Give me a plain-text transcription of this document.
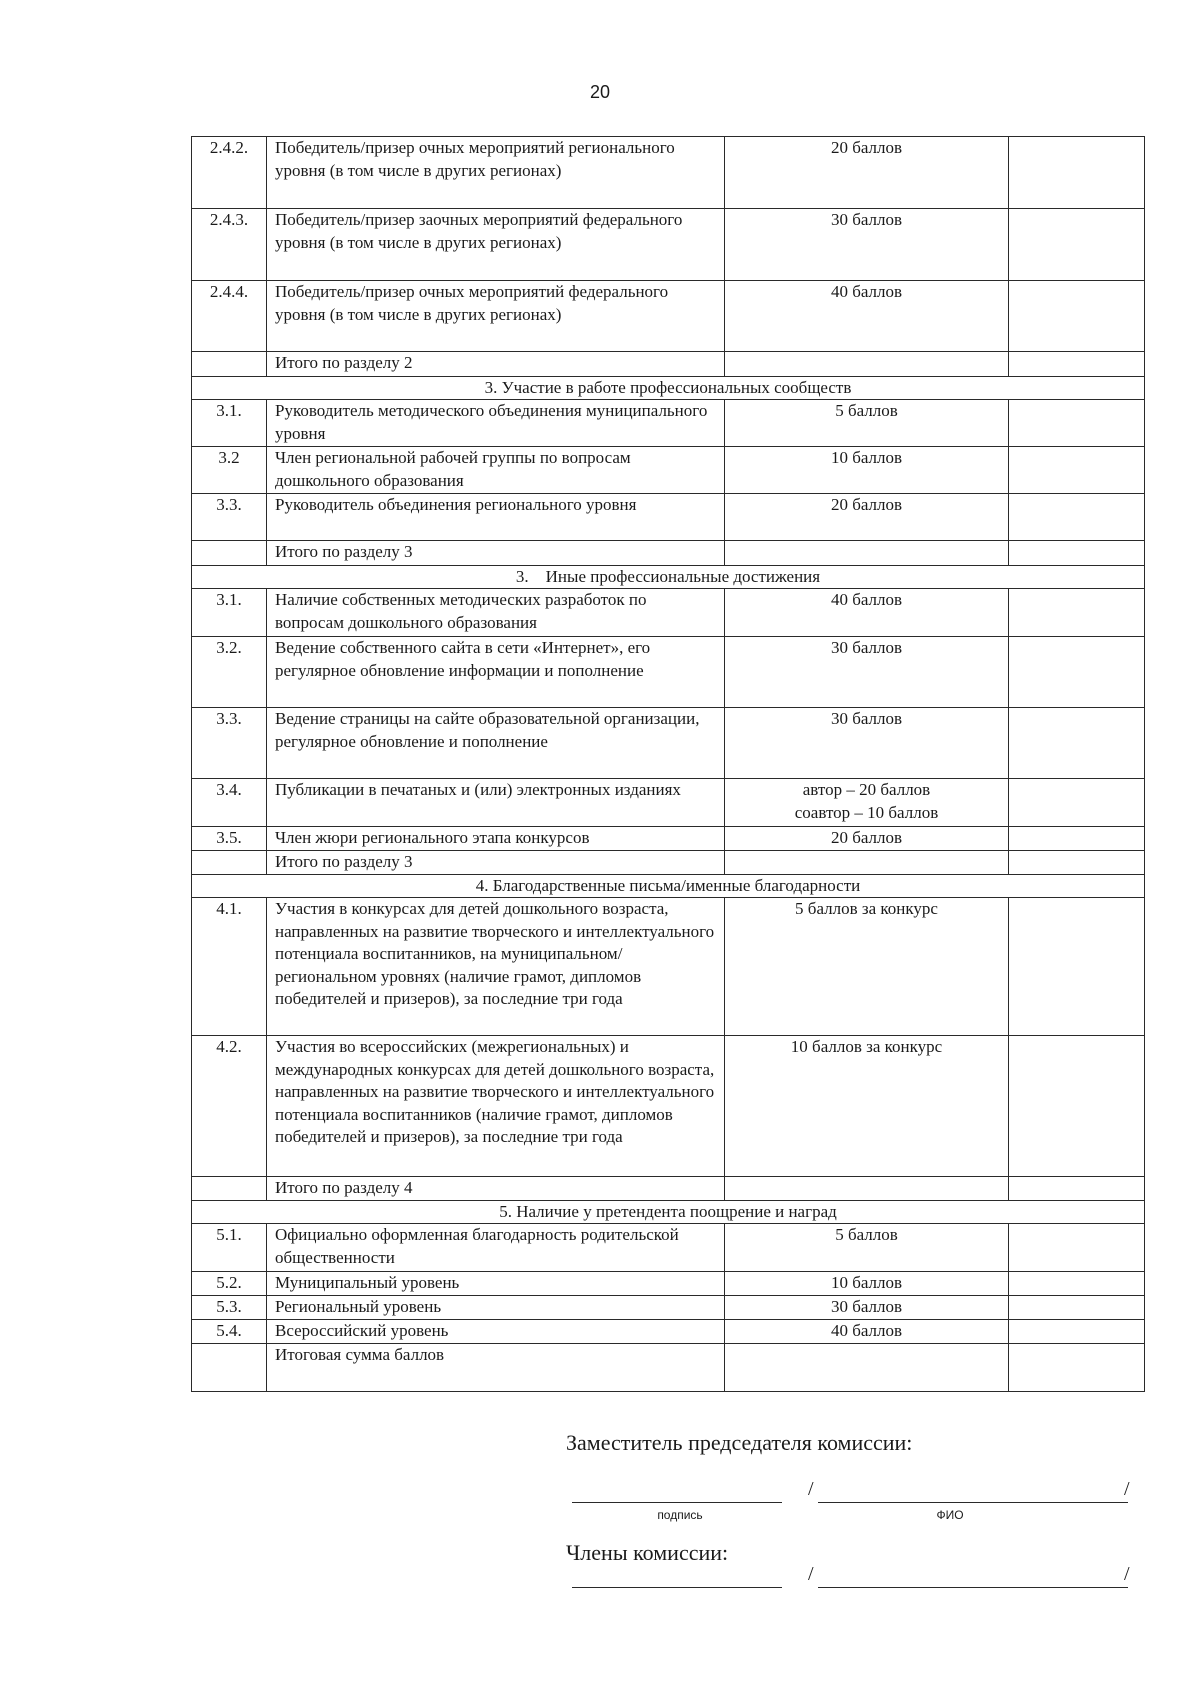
20
2.4.2.	Победитель/призер очных мероприятий регионального уровня (в том числе в других регионах)	20 баллов	
2.4.3.	Победитель/призер заочных мероприятий федерального уровня (в том числе в других регионах)	30 баллов	
2.4.4.	Победитель/призер очных мероприятий федерального уровня (в том числе в других регионах)	40 баллов	
	Итого по разделу 2		
3. Участие в работе профессиональных сообществ			
3.1.	Руководитель методического объединения муниципального уровня	5 баллов	
3.2	Член региональной рабочей группы по вопросам дошкольного образования	10 баллов	
3.3.	Руководитель объединения регионального уровня	20 баллов	
	Итого по разделу 3		
3.    Иные профессиональные достижения			
3.1.	Наличие собственных методических разработок по вопросам дошкольного образования	40 баллов	
3.2.	Ведение собственного сайта в сети «Интернет», его регулярное обновление информации и пополнение	30 баллов	
3.3.	Ведение страницы на сайте образовательной организации, регулярное обновление и пополнение	30 баллов	
3.4.	Публикации в печатаных и (или) электронных изданиях	автор – 20 баллов
соавтор – 10 баллов	

3.5.	Член жюри регионального этапа конкурсов	20 баллов	
	Итого по разделу 3		
4. Благодарственные письма/именные благодарности			
4.1.	Участия в конкурсах для детей дошкольного возраста, направленных на развитие творческого и интеллектуального потенциала воспитанников, на муниципальном/региональном уровнях (наличие грамот, дипломов победителей и призеров), за последние три года	5 баллов за конкурс	
4.2.	Участия во всероссийских (межрегиональных) и международных конкурсах для детей дошкольного возраста, направленных на развитие творческого и интеллектуального потенциала воспитанников (наличие грамот, дипломов победителей и призеров), за последние три года	10 баллов за конкурс	
	Итого по разделу 4		
5. Наличие у претендента поощрение и наград			
5.1.	Официально оформленная благодарность родительской общественности	5 баллов	
5.2.	Муниципальный уровень	10 баллов	
5.3.	Региональный уровень	30 баллов	
5.4.	Всероссийский уровень	40 баллов	
	Итоговая сумма баллов		
Заместитель председателя комиссии:
/	/
подпись	ФИО
Члены комиссии:
/	/
